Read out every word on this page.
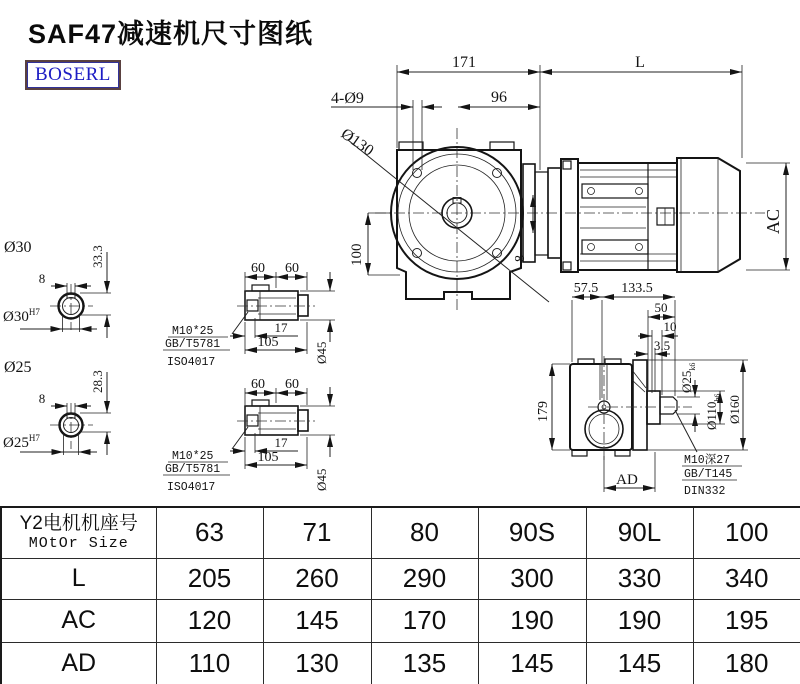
SAF47减速机尺寸图纸
BOSERL
171	L
96
4-Ø9
Ø130
100	8
AC
Ø30
8
33.3
$Ø30^{H7}$
Ø25
8
28.3
$Ø25^{H7}$
60 60
17
105	Ø45
M10*25
GB/T5781
ISO4017
60 60
17
105
Ø45
M10*25
GB/T5781
ISO4017
57.5 133.5
50
10
3.5
179
AD
$Ø25_{k6}$
$Ø110_{h6}$ Ø160
M10深27
GB/T145
DIN332
Y2电机机座号
MOtOr Size	63	71	80	90S	90L	100
L	205	260	290	300	330	340
AC	120	145	170	190	190	195
AD	110	130	135	145	145	180
